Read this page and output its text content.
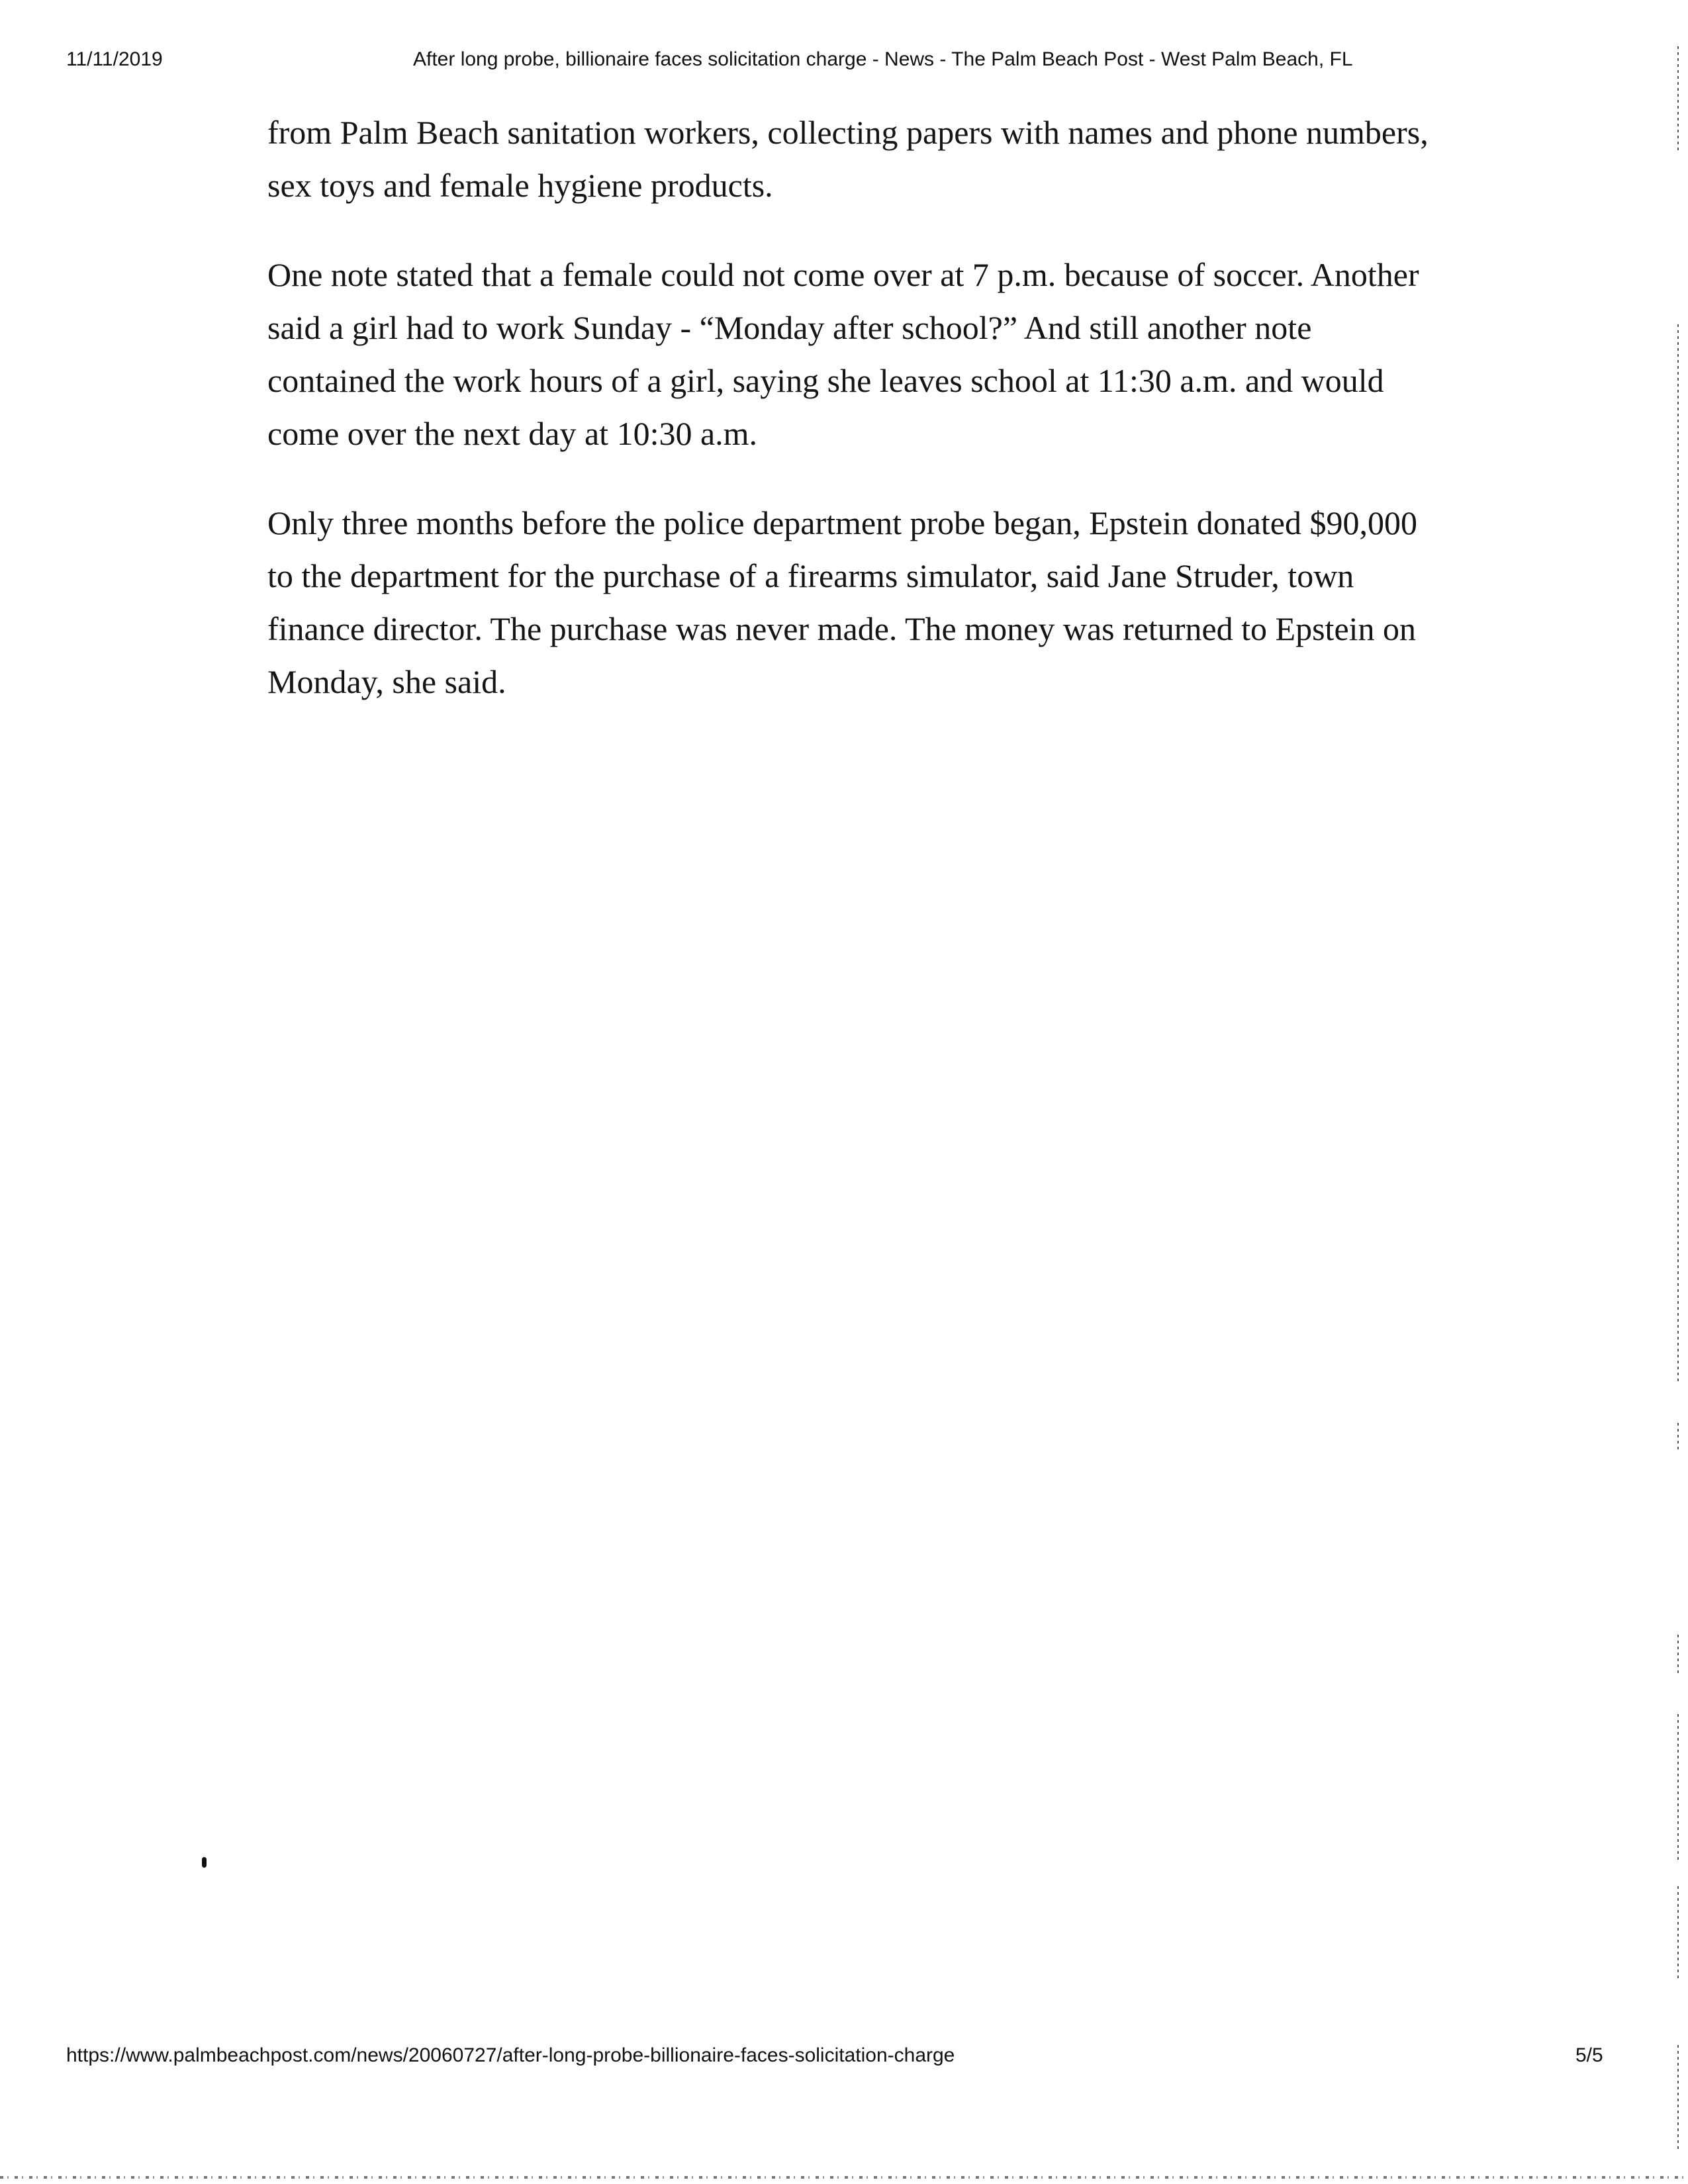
11/11/2019	After long probe, billionaire faces solicitation charge - News - The Palm Beach Post - West Palm Beach, FL

from Palm Beach sanitation workers, collecting papers with names and phone numbers, sex toys and female hygiene products.

One note stated that a female could not come over at 7 p.m. because of soccer. Another said a girl had to work Sunday - “Monday after school?” And still another note contained the work hours of a girl, saying she leaves school at 11:30 a.m. and would come over the next day at 10:30 a.m.

Only three months before the police department probe began, Epstein donated $90,000 to the department for the purchase of a firearms simulator, said Jane Struder, town finance director. The purchase was never made. The money was returned to Epstein on Monday, she said.

https://www.palmbeachpost.com/news/20060727/after-long-probe-billionaire-faces-solicitation-charge	5/5
